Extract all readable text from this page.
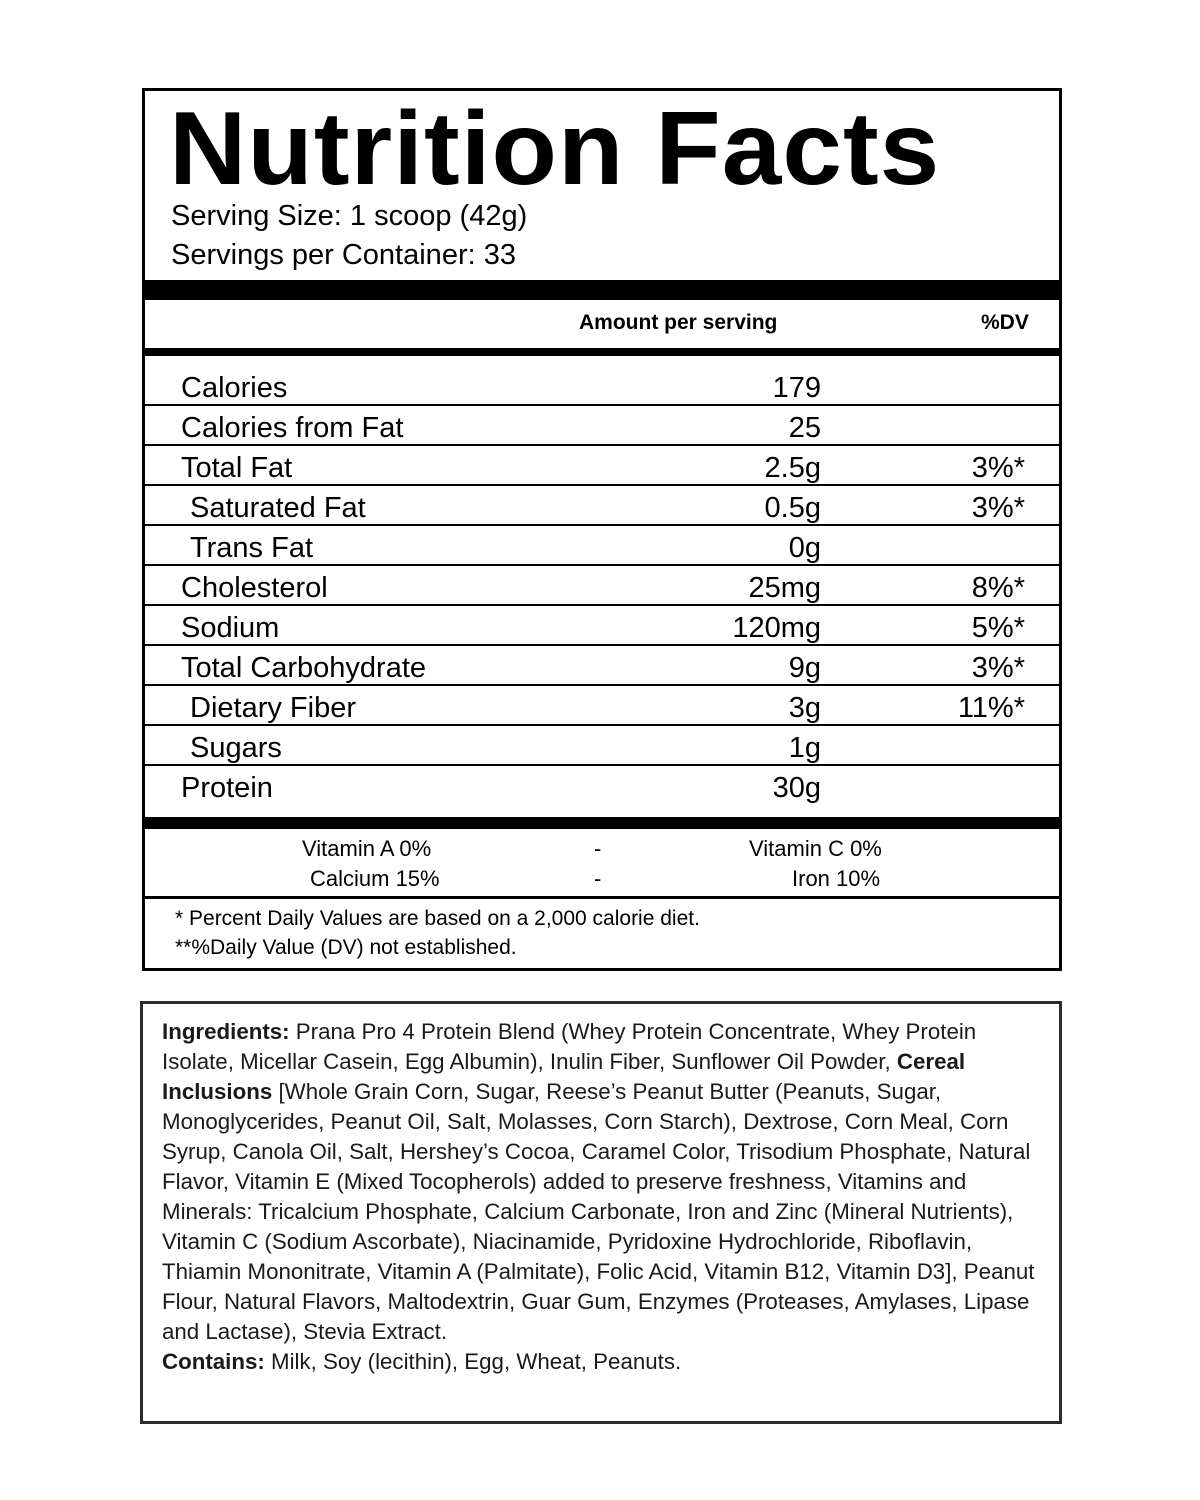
Nutrition Facts
Serving Size: 1 scoop (42g)
Servings per Container: 33
Amount per serving	%DV
Calories	179
Calories from Fat	25
Total Fat	2.5g	3%*
Saturated Fat	0.5g	3%*
Trans Fat	0g
Cholesterol	25mg	8%*
Sodium	120mg	5%*
Total Carbohydrate	9g	3%*
Dietary Fiber	3g	11%*
Sugars	1g
Protein	30g
Vitamin A 0%	-	Vitamin C 0%
Calcium 15%	-	Iron 10%
* Percent Daily Values are based on a 2,000 calorie diet.
**%Daily Value (DV) not established.

Ingredients: Prana Pro 4 Protein Blend (Whey Protein Concentrate, Whey Protein Isolate, Micellar Casein, Egg Albumin), Inulin Fiber, Sunflower Oil Powder, Cereal Inclusions [Whole Grain Corn, Sugar, Reese’s Peanut Butter (Peanuts, Sugar, Monoglycerides, Peanut Oil, Salt, Molasses, Corn Starch), Dextrose, Corn Meal, Corn Syrup, Canola Oil, Salt, Hershey’s Cocoa, Caramel Color, Trisodium Phosphate, Natural Flavor, Vitamin E (Mixed Tocopherols) added to preserve freshness, Vitamins and Minerals: Tricalcium Phosphate, Calcium Carbonate, Iron and Zinc (Mineral Nutrients), Vitamin C (Sodium Ascorbate), Niacinamide, Pyridoxine Hydrochloride, Riboflavin, Thiamin Mononitrate, Vitamin A (Palmitate), Folic Acid, Vitamin B12, Vitamin D3], Peanut Flour, Natural Flavors, Maltodextrin, Guar Gum, Enzymes (Proteases, Amylases, Lipase and Lactase), Stevia Extract.

Contains: Milk, Soy (lecithin), Egg, Wheat, Peanuts.
